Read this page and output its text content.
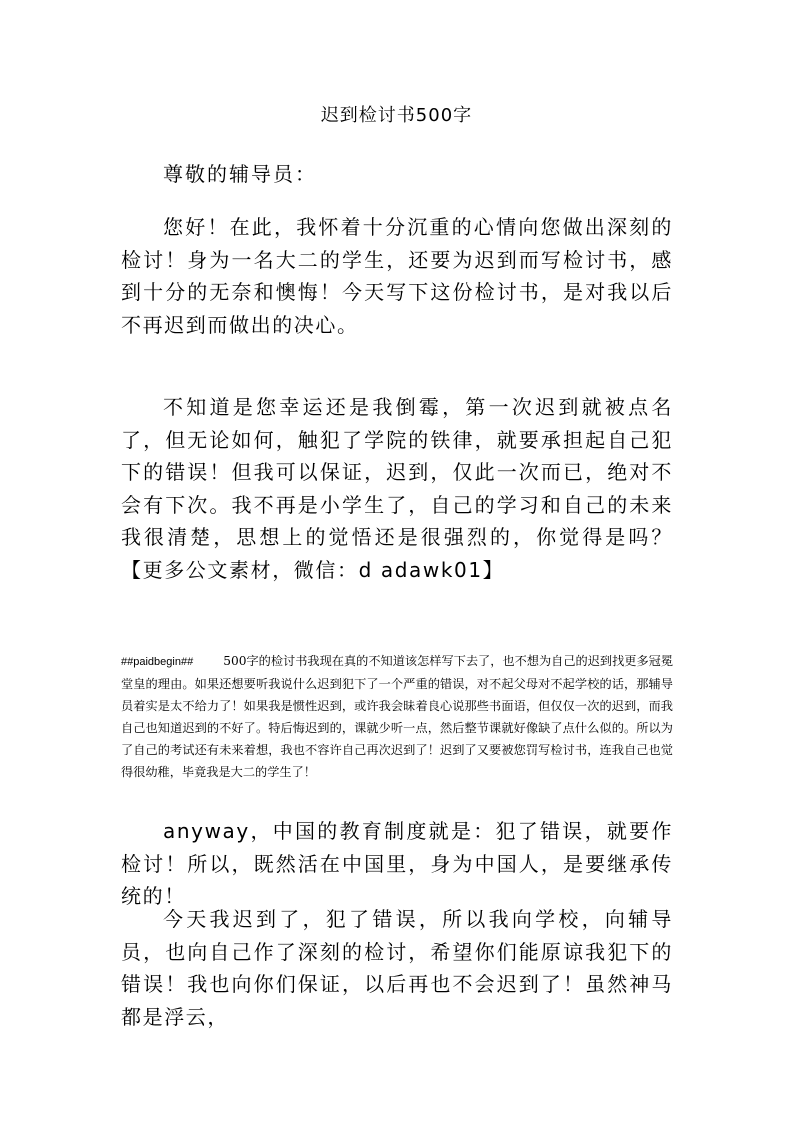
迟到检讨书500字
尊敬的辅导员：

您好！在此，我怀着十分沉重的心情向您做出深刻的检讨！身为一名大二的学生，还要为迟到而写检讨书，感到十分的无奈和懊悔！今天写下这份检讨书，是对我以后不再迟到而做出的决心。

不知道是您幸运还是我倒霉，第一次迟到就被点名了，但无论如何，触犯了学院的铁律，就要承担起自己犯下的错误！但我可以保证，迟到，仅此一次而已，绝对不会有下次。我不再是小学生了，自己的学习和自己的未来我很清楚，思想上的觉悟还是很强烈的，你觉得是吗？【更多公文素材，微信：d adawk01】

##paidbegin## 500字的检讨书我现在真的不知道该怎样写下去了，也不想为自己的迟到找更多冠冕堂皇的理由。如果还想要听我说什么迟到犯下了一个严重的错误，对不起父母对不起学校的话，那辅导员着实是太不给力了！如果我是惯性迟到，或许我会昧着良心说那些书面语，但仅仅一次的迟到，而我自己也知道迟到的不好了。特后悔迟到的，课就少听一点，然后整节课就好像缺了点什么似的。所以为了自己的考试还有未来着想，我也不容许自己再次迟到了！迟到了又要被您罚写检讨书，连我自己也觉得很幼稚，毕竟我是大二的学生了！

anyway，中国的教育制度就是：犯了错误，就要作检讨！所以，既然活在中国里，身为中国人，是要继承传统的！

今天我迟到了，犯了错误，所以我向学校，向辅导员，也向自己作了深刻的检讨，希望你们能原谅我犯下的错误！我也向你们保证，以后再也不会迟到了！虽然神马都是浮云，
